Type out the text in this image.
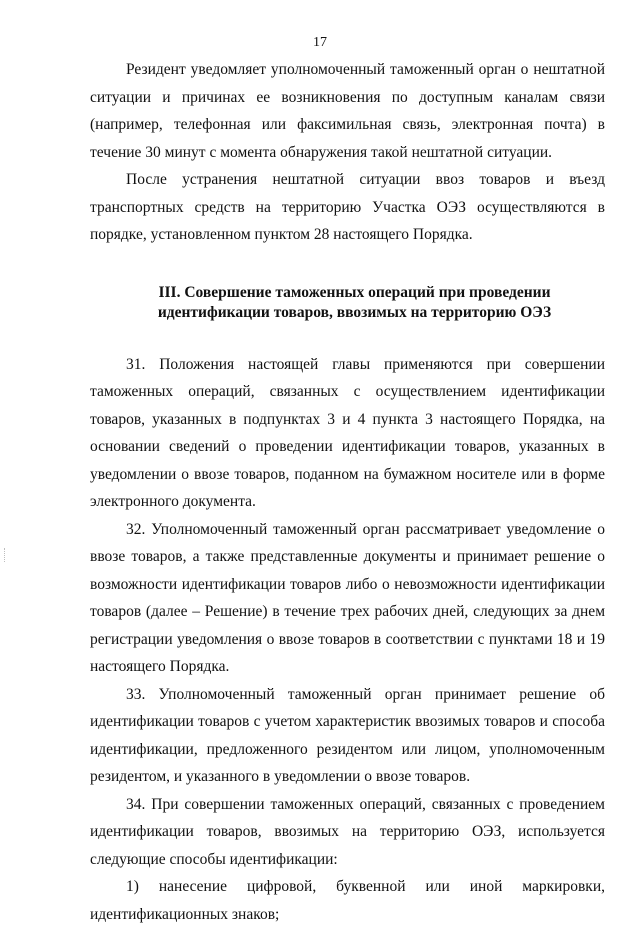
17

Резидент уведомляет уполномоченный таможенный орган о нештатной ситуации и причинах ее возникновения по доступным каналам связи (например, телефонная или факсимильная связь, электронная почта) в течение 30 минут с момента обнаружения такой нештатной ситуации.

После устранения нештатной ситуации ввоз товаров и въезд транспортных средств на территорию Участка ОЭЗ осуществляются в порядке, установленном пунктом 28 настоящего Порядка.

III. Совершение таможенных операций при проведении идентификации товаров, ввозимых на территорию ОЭЗ

31. Положения настоящей главы применяются при совершении таможенных операций, связанных с осуществлением идентификации товаров, указанных в подпунктах 3 и 4 пункта 3 настоящего Порядка, на основании сведений о проведении идентификации товаров, указанных в уведомлении о ввозе товаров, поданном на бумажном носителе или в форме электронного документа.

32. Уполномоченный таможенный орган рассматривает уведомление о ввозе товаров, а также представленные документы и принимает решение о возможности идентификации товаров либо о невозможности идентификации товаров (далее – Решение) в течение трех рабочих дней, следующих за днем регистрации уведомления о ввозе товаров в соответствии с пунктами 18 и 19 настоящего Порядка.

33. Уполномоченный таможенный орган принимает решение об идентификации товаров с учетом характеристик ввозимых товаров и способа идентификации, предложенного резидентом или лицом, уполномоченным резидентом, и указанного в уведомлении о ввозе товаров.

34. При совершении таможенных операций, связанных с проведением идентификации товаров, ввозимых на территорию ОЭЗ, используется следующие способы идентификации:

1) нанесение цифровой, буквенной или иной маркировки, идентификационных знаков;
